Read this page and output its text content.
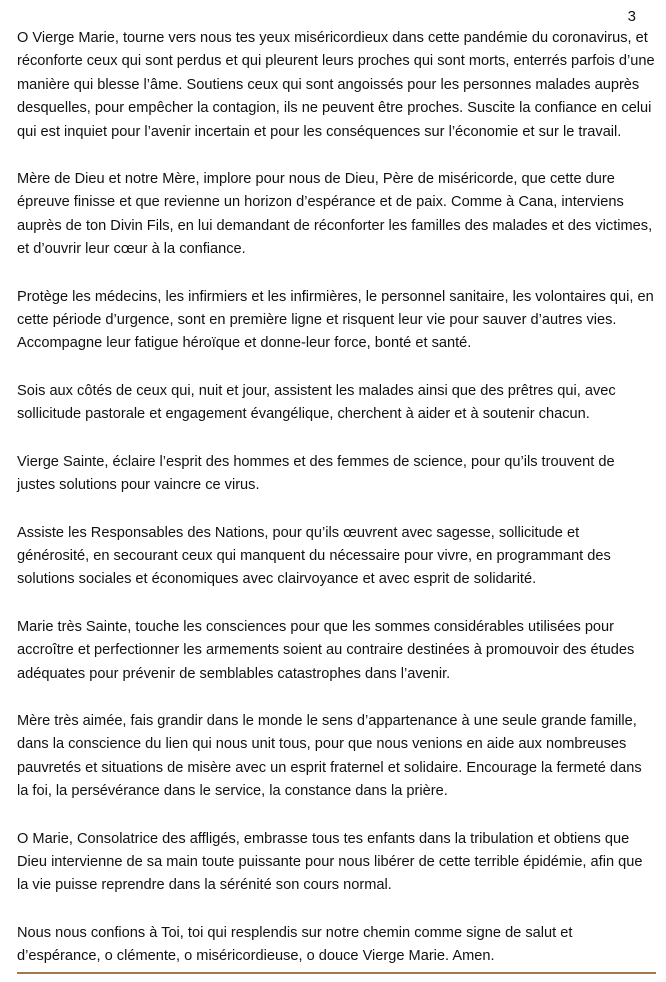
3

O Vierge Marie, tourne vers nous tes yeux miséricordieux dans cette pandémie du coronavirus, et réconforte ceux qui sont perdus et qui pleurent leurs proches qui sont morts, enterrés parfois d’une manière qui blesse l’âme. Soutiens ceux qui sont angoissés pour les personnes malades auprès desquelles, pour empêcher la contagion, ils ne peuvent être proches. Suscite la confiance en celui qui est inquiet pour l’avenir incertain et pour les conséquences sur l’économie et sur le travail.

Mère de Dieu et notre Mère, implore pour nous de Dieu, Père de miséricorde, que cette dure épreuve finisse et que revienne un horizon d’espérance et de paix. Comme à Cana, interviens auprès de ton Divin Fils, en lui demandant de réconforter les familles des malades et des victimes, et d’ouvrir leur cœur à la confiance.

Protège les médecins, les infirmiers et les infirmières, le personnel sanitaire, les volontaires qui, en cette période d’urgence, sont en première ligne et risquent leur vie pour sauver d’autres vies. Accompagne leur fatigue héroïque et donne-leur force, bonté et santé.

Sois aux côtés de ceux qui, nuit et jour, assistent les malades ainsi que des prêtres qui, avec sollicitude pastorale et engagement évangélique, cherchent à aider et à soutenir chacun.

Vierge Sainte, éclaire l’esprit des hommes et des femmes de science, pour qu’ils trouvent de justes solutions pour vaincre ce virus.

Assiste les Responsables des Nations, pour qu’ils œuvrent avec sagesse, sollicitude et générosité, en secourant ceux qui manquent du nécessaire pour vivre, en programmant des solutions sociales et économiques avec clairvoyance et avec esprit de solidarité.

Marie très Sainte, touche les consciences pour que les sommes considérables utilisées pour accroître et perfectionner les armements soient au contraire destinées à promouvoir des études adéquates pour prévenir de semblables catastrophes dans l’avenir.

Mère très aimée, fais grandir dans le monde le sens d’appartenance à une seule grande famille, dans la conscience du lien qui nous unit tous, pour que nous venions en aide aux nombreuses pauvretés et situations de misère avec un esprit fraternel et solidaire. Encourage la fermeté dans la foi, la persévérance dans le service, la constance dans la prière.

O Marie, Consolatrice des affligés, embrasse tous tes enfants dans la tribulation et obtiens que Dieu intervienne de sa main toute puissante pour nous libérer de cette terrible épidémie, afin que la vie puisse reprendre dans la sérénité son cours normal.

Nous nous confions à Toi, toi qui resplendis sur notre chemin comme signe de salut et d’espérance, o clémente, o miséricordieuse, o douce Vierge Marie. Amen.
